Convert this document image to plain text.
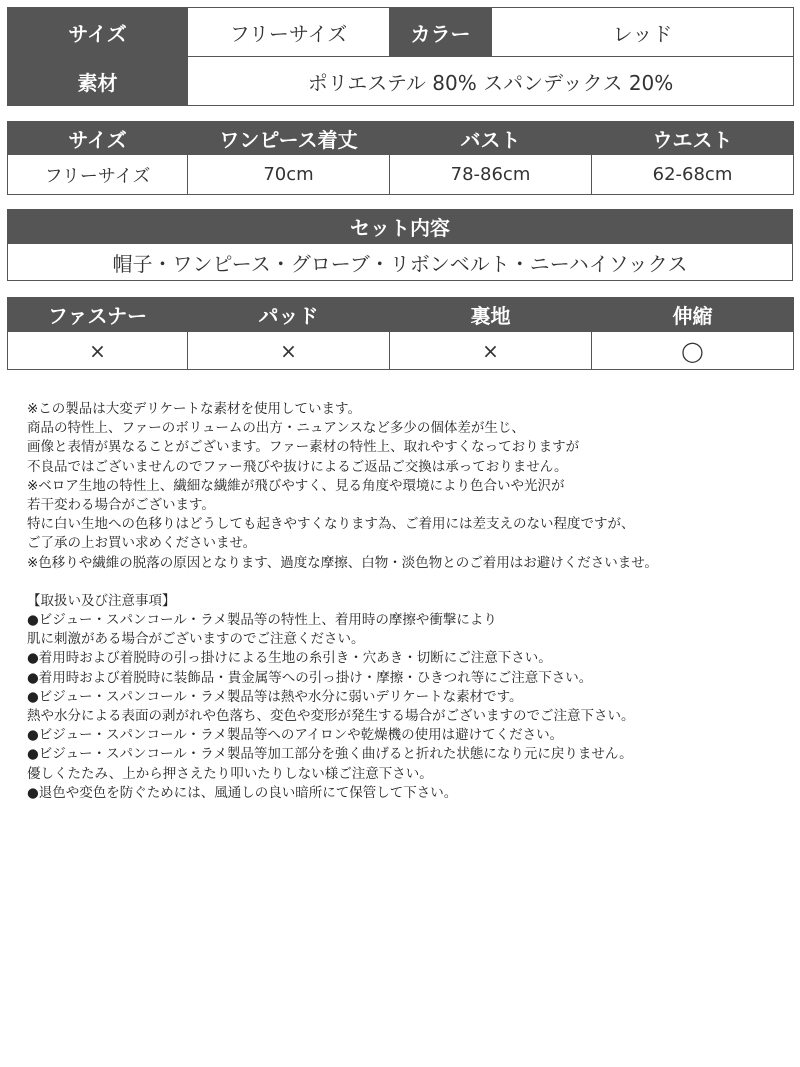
サイズ	フリーサイズ	カラー	レッド
素材	ポリエステル 80% スパンデックス 20%		
サイズ	ワンピース着丈	バスト	ウエスト
フリーサイズ	70cm	78-86cm	62-68cm
セット内容
帽子・ワンピース・グローブ・リボンベルト・ニーハイソックス
ファスナー	パッド	裏地	伸縮
×	×	×	◯

※この製品は大変デリケートな素材を使用しています。

商品の特性上、ファーのボリュームの出方・ニュアンスなど多少の個体差が生じ、

画像と表情が異なることがございます。ファー素材の特性上、取れやすくなっておりますが

不良品ではございませんのでファー飛びや抜けによるご返品ご交換は承っておりません。

※ベロア生地の特性上、繊細な繊維が飛びやすく、見る角度や環境により色合いや光沢が

若干変わる場合がございます。

特に白い生地への色移りはどうしても起きやすくなります為、ご着用には差支えのない程度ですが、

ご了承の上お買い求めくださいませ。

※色移りや繊維の脱落の原因となります、過度な摩擦、白物・淡色物とのご着用はお避けくださいませ。

【取扱い及び注意事項】

●ビジュー・スパンコール・ラメ製品等の特性上、着用時の摩擦や衝撃により

肌に刺激がある場合がございますのでご注意ください。

●着用時および着脱時の引っ掛けによる生地の糸引き・穴あき・切断にご注意下さい。

●着用時および着脱時に装飾品・貴金属等への引っ掛け・摩擦・ひきつれ等にご注意下さい。

●ビジュー・スパンコール・ラメ製品等は熱や水分に弱いデリケートな素材です。

熱や水分による表面の剥がれや色落ち、変色や変形が発生する場合がございますのでご注意下さい。

●ビジュー・スパンコール・ラメ製品等へのアイロンや乾燥機の使用は避けてください。

●ビジュー・スパンコール・ラメ製品等加工部分を強く曲げると折れた状態になり元に戻りません。

優しくたたみ、上から押さえたり叩いたりしない様ご注意下さい。

●退色や変色を防ぐためには、風通しの良い暗所にて保管して下さい。
